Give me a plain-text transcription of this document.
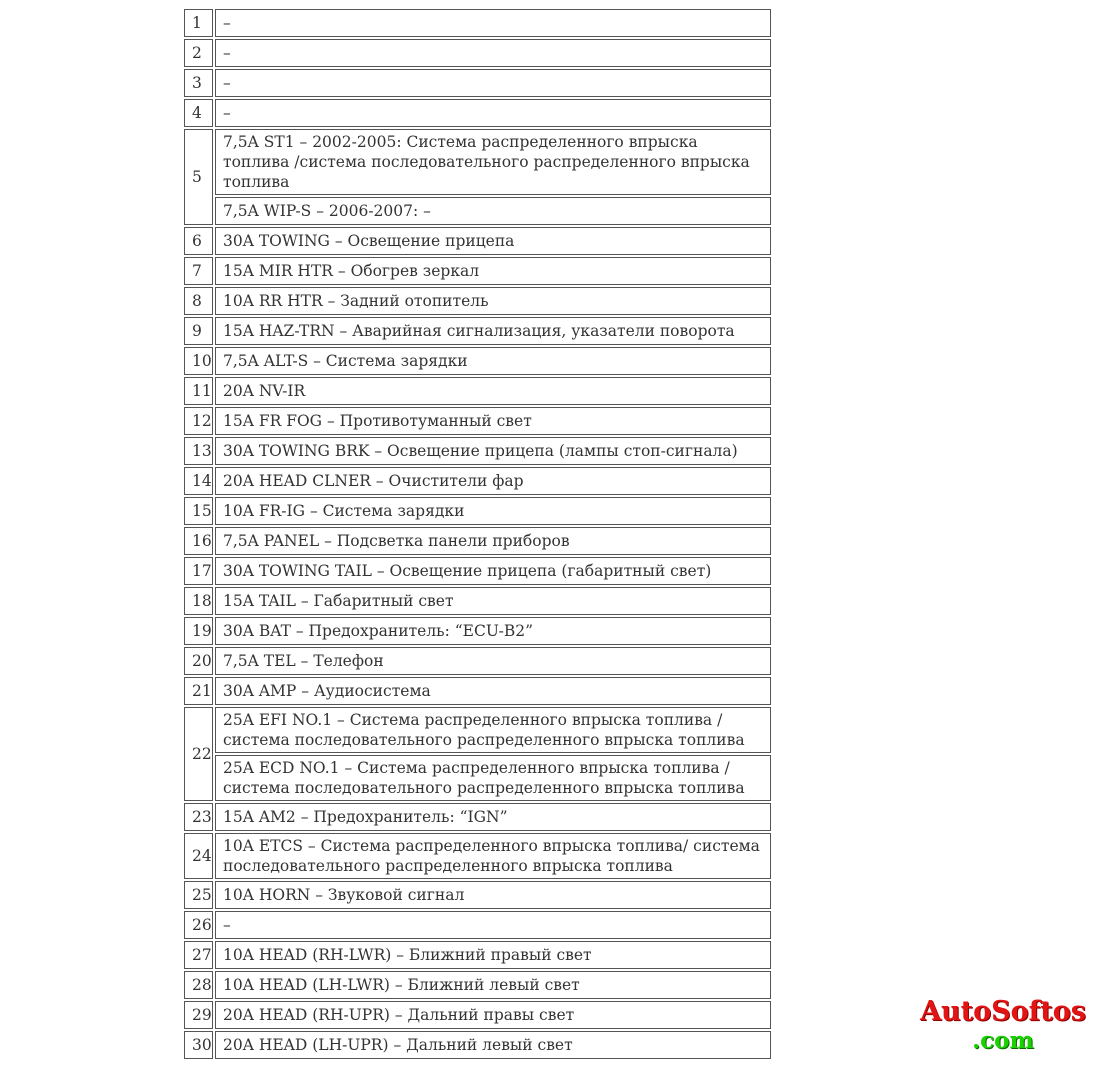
1	–
2	–
3	–
4	–
5	7,5A ST1 – 2002-2005: Система распределенного впрыска топлива /система последовательного распределенного впрыска топлива
	7,5A WIP-S – 2006-2007: –
6	30A TOWING – Освещение прицепа
7	15A MIR HTR – Обогрев зеркал
8	10A RR HTR – Задний отопитель
9	15A HAZ-TRN – Аварийная сигнализация, указатели поворота
10	7,5A ALT-S – Система зарядки
11	20A NV-IR
12	15A FR FOG – Противотуманный свет
13	30A TOWING BRK – Освещение прицепа (лампы стоп-сигнала)
14	20A HEAD CLNER – Очистители фар
15	10A FR-IG – Система зарядки
16	7,5A PANEL – Подсветка панели приборов
17	30A TOWING TAIL – Освещение прицепа (габаритный свет)
18	15A TAIL – Габаритный свет
19	30A BAT – Предохранитель: “ECU-B2”
20	7,5A TEL – Телефон
21	30A AMP – Аудиосистема
22	25A EFI NO.1 – Система распределенного впрыска топлива / система последовательного распределенного впрыска топлива
	25A ECD NO.1 – Система распределенного впрыска топлива / система последовательного распределенного впрыска топлива
23	15A AM2 – Предохранитель: “IGN”
24	10A ETCS – Система распределенного впрыска топлива/ система последовательного распределенного впрыска топлива
25	10A HORN – Звуковой сигнал
26	–
27	10A HEAD (RH-LWR) – Ближний правый свет
28	10A HEAD (LH-LWR) – Ближний левый свет
29	20A HEAD (RH-UPR) – Дальний правы свет
30	20A HEAD (LH-UPR) – Дальний левый свет
AutoSoftos
.com
